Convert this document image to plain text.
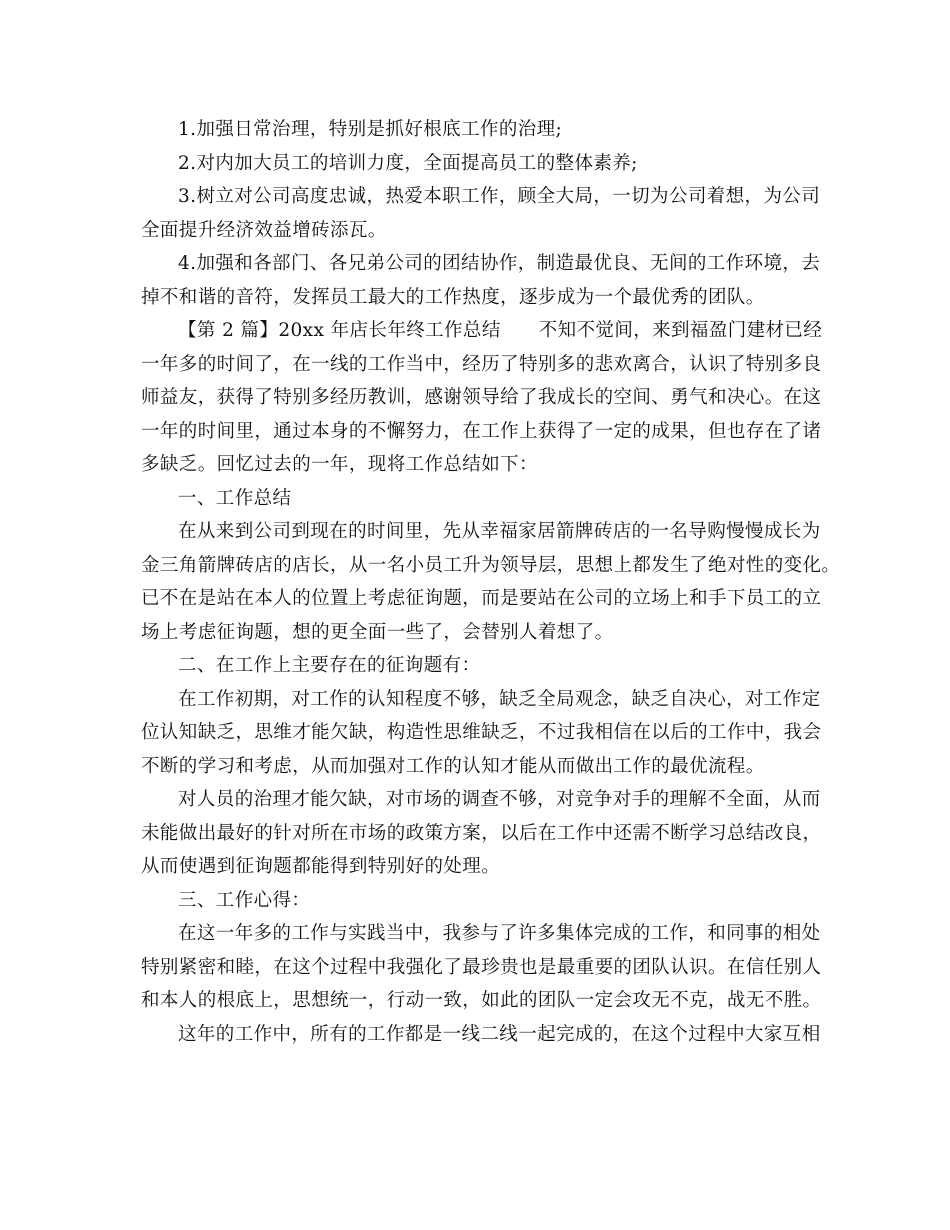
1.加强日常治理，特别是抓好根底工作的治理;
2.对内加大员工的培训力度，全面提高员工的整体素养;
3.树立对公司高度忠诚，热爱本职工作，顾全大局，一切为公司着想，为公司
全面提升经济效益增砖添瓦。
4.加强和各部门、各兄弟公司的团结协作，制造最优良、无间的工作环境，去
掉不和谐的音符，发挥员工最大的工作热度，逐步成为一个最优秀的团队。
【第 2 篇】20xx 年店长年终工作总结 不知不觉间，来到福盈门建材已经
一年多的时间了，在一线的工作当中，经历了特别多的悲欢离合，认识了特别多良
师益友，获得了特别多经历教训，感谢领导给了我成长的空间、勇气和决心。在这
一年的时间里，通过本身的不懈努力，在工作上获得了一定的成果，但也存在了诸
多缺乏。回忆过去的一年，现将工作总结如下：
一、工作总结
在从来到公司到现在的时间里，先从幸福家居箭牌砖店的一名导购慢慢成长为
金三角箭牌砖店的店长，从一名小员工升为领导层，思想上都发生了绝对性的变化。
已不在是站在本人的位置上考虑征询题，而是要站在公司的立场上和手下员工的立
场上考虑征询题，想的更全面一些了，会替别人着想了。
二、在工作上主要存在的征询题有：
在工作初期，对工作的认知程度不够，缺乏全局观念，缺乏自决心，对工作定
位认知缺乏，思维才能欠缺，构造性思维缺乏，不过我相信在以后的工作中，我会
不断的学习和考虑，从而加强对工作的认知才能从而做出工作的最优流程。
对人员的治理才能欠缺，对市场的调查不够，对竞争对手的理解不全面，从而
未能做出最好的针对所在市场的政策方案，以后在工作中还需不断学习总结改良，
从而使遇到征询题都能得到特别好的处理。
三、工作心得：
在这一年多的工作与实践当中，我参与了许多集体完成的工作，和同事的相处
特别紧密和睦，在这个过程中我强化了最珍贵也是最重要的团队认识。在信任别人
和本人的根底上，思想统一，行动一致，如此的团队一定会攻无不克，战无不胜。
这年的工作中，所有的工作都是一线二线一起完成的，在这个过程中大家互相
